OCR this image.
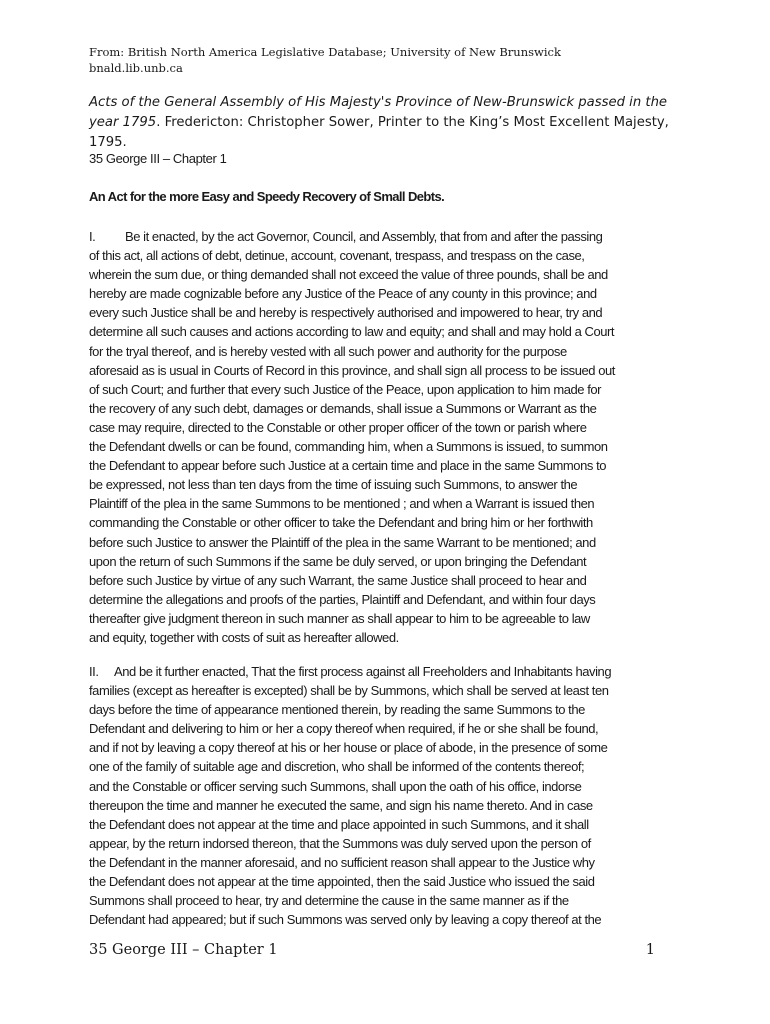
From: British North America Legislative Database; University of New Brunswick
bnald.lib.unb.ca
Acts of the General Assembly of His Majesty's Province of New-Brunswick passed in the year 1795. Fredericton: Christopher Sower, Printer to the King’s Most Excellent Majesty, 1795.
35 George III – Chapter 1
An Act for the more Easy and Speedy Recovery of Small Debts.
I. Be it enacted, by the act Governor, Council, and Assembly, that from and after the passing
of this act, all actions of debt, detinue, account, covenant, trespass, and trespass on the case,
wherein the sum due, or thing demanded shall not exceed the value of three pounds, shall be and
hereby are made cognizable before any Justice of the Peace of any county in this province; and
every such Justice shall be and hereby is respectively authorised and impowered to hear, try and
determine all such causes and actions according to law and equity; and shall and may hold a Court
for the tryal thereof, and is hereby vested with all such power and authority for the purpose
aforesaid as is usual in Courts of Record in this province, and shall sign all process to be issued out
of such Court; and further that every such Justice of the Peace, upon application to him made for
the recovery of any such debt, damages or demands, shall issue a Summons or Warrant as the
case may require, directed to the Constable or other proper officer of the town or parish where
the Defendant dwells or can be found, commanding him, when a Summons is issued, to summon
the Defendant to appear before such Justice at a certain time and place in the same Summons to
be expressed, not less than ten days from the time of issuing such Summons, to answer the
Plaintiff of the plea in the same Summons to be mentioned ; and when a Warrant is issued then
commanding the Constable or other officer to take the Defendant and bring him or her forthwith
before such Justice to answer the Plaintiff of the plea in the same Warrant to be mentioned; and
upon the return of such Summons if the same be duly served, or upon bringing the Defendant
before such Justice by virtue of any such Warrant, the same Justice shall proceed to hear and
determine the allegations and proofs of the parties, Plaintiff and Defendant, and within four days
thereafter give judgment thereon in such manner as shall appear to him to be agreeable to law
and equity, together with costs of suit as hereafter allowed.
II. And be it further enacted, That the first process against all Freeholders and Inhabitants having
families (except as hereafter is excepted) shall be by Summons, which shall be served at least ten
days before the time of appearance mentioned therein, by reading the same Summons to the
Defendant and delivering to him or her a copy thereof when required, if he or she shall be found,
and if not by leaving a copy thereof at his or her house or place of abode, in the presence of some
one of the family of suitable age and discretion, who shall be informed of the contents thereof;
and the Constable or officer serving such Summons, shall upon the oath of his office, indorse
thereupon the time and manner he executed the same, and sign his name thereto. And in case
the Defendant does not appear at the time and place appointed in such Summons, and it shall
appear, by the return indorsed thereon, that the Summons was duly served upon the person of
the Defendant in the manner aforesaid, and no sufficient reason shall appear to the Justice why
the Defendant does not appear at the time appointed, then the said Justice who issued the said
Summons shall proceed to hear, try and determine the cause in the same manner as if the
Defendant had appeared; but if such Summons was served only by leaving a copy thereof at the
35 George III – Chapter 1	1
